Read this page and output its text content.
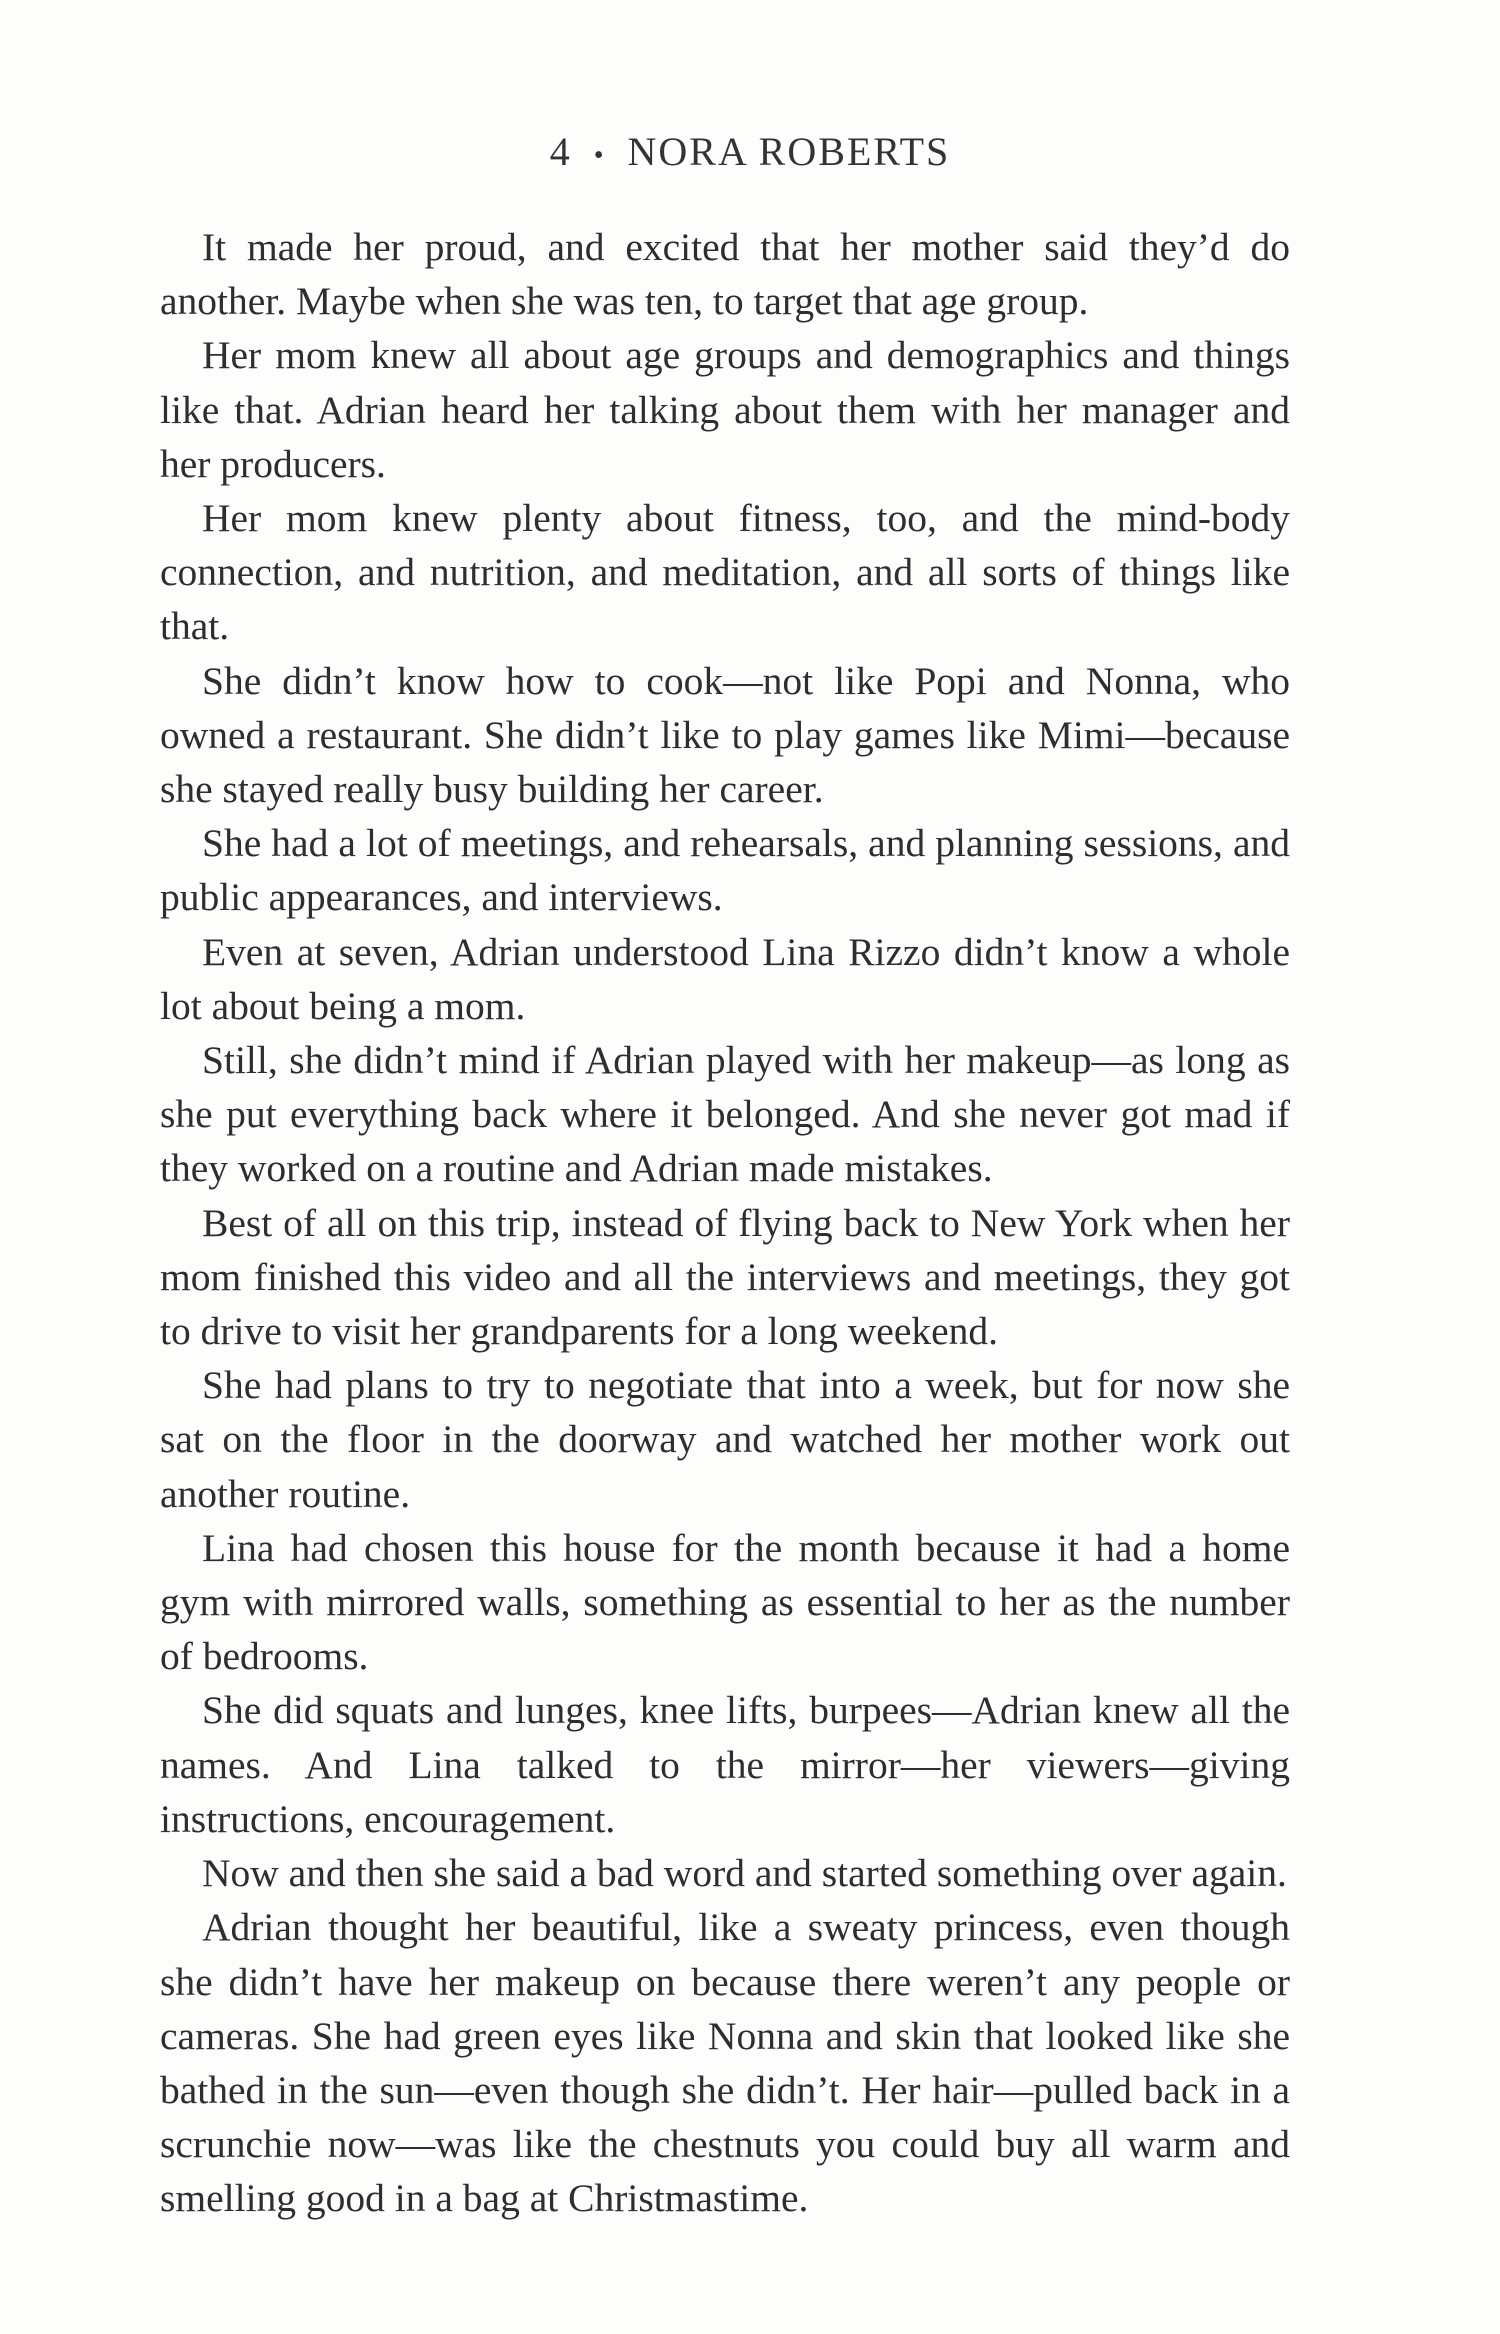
4 • NORA ROBERTS

It made her proud, and excited that her mother said they’d do another. Maybe when she was ten, to target that age group.

Her mom knew all about age groups and demographics and things like that. Adrian heard her talking about them with her manager and her producers.

Her mom knew plenty about fitness, too, and the mind-body connection, and nutrition, and meditation, and all sorts of things like that.

She didn’t know how to cook—not like Popi and Nonna, who owned a restaurant. She didn’t like to play games like Mimi—because she stayed really busy building her career.

She had a lot of meetings, and rehearsals, and planning sessions, and public appearances, and interviews.

Even at seven, Adrian understood Lina Rizzo didn’t know a whole lot about being a mom.

Still, she didn’t mind if Adrian played with her makeup—as long as she put everything back where it belonged. And she never got mad if they worked on a routine and Adrian made mistakes.

Best of all on this trip, instead of flying back to New York when her mom finished this video and all the interviews and meetings, they got to drive to visit her grandparents for a long weekend.

She had plans to try to negotiate that into a week, but for now she sat on the floor in the doorway and watched her mother work out another routine.

Lina had chosen this house for the month because it had a home gym with mirrored walls, something as essential to her as the number of bedrooms.

She did squats and lunges, knee lifts, burpees—Adrian knew all the names. And Lina talked to the mirror—her viewers—giving instructions, encouragement.

Now and then she said a bad word and started something over again.

Adrian thought her beautiful, like a sweaty princess, even though she didn’t have her makeup on because there weren’t any people or cameras. She had green eyes like Nonna and skin that looked like she bathed in the sun—even though she didn’t. Her hair—pulled back in a scrunchie now—was like the chestnuts you could buy all warm and smelling good in a bag at Christmastime.
